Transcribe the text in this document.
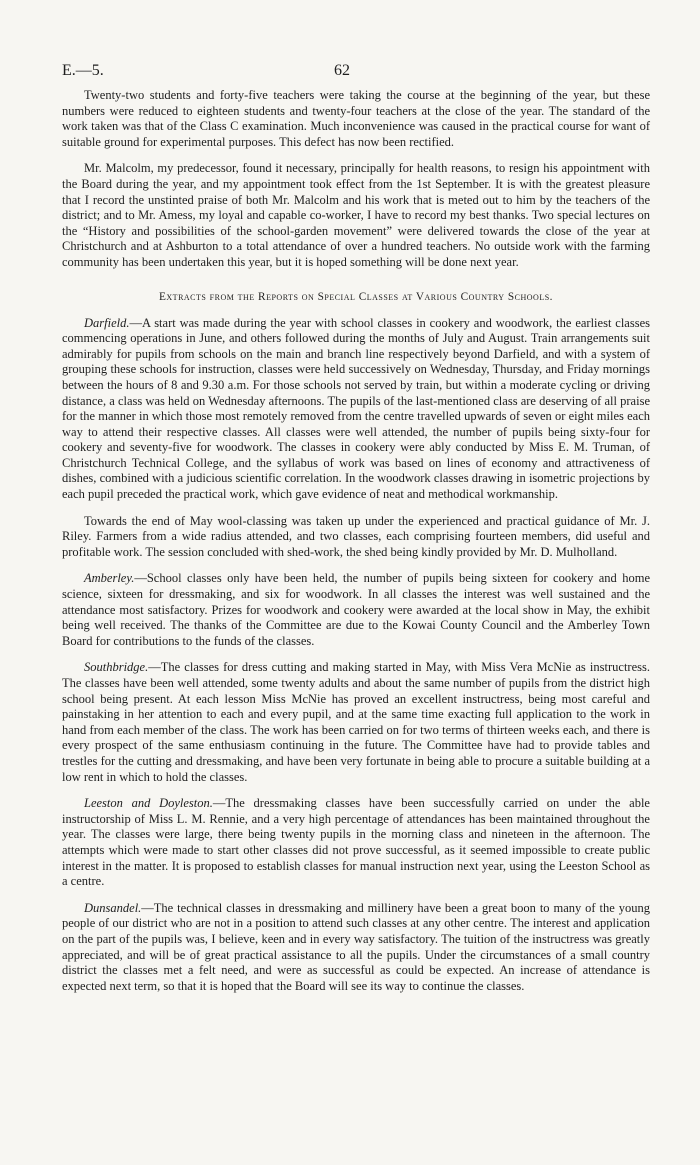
E.—5.	62

Twenty-two students and forty-five teachers were taking the course at the beginning of the year, but these numbers were reduced to eighteen students and twenty-four teachers at the close of the year. The standard of the work taken was that of the Class C examination. Much inconvenience was caused in the practical course for want of suitable ground for experimental purposes. This defect has now been rectified.

Mr. Malcolm, my predecessor, found it necessary, principally for health reasons, to resign his appointment with the Board during the year, and my appointment took effect from the 1st September. It is with the greatest pleasure that I record the unstinted praise of both Mr. Malcolm and his work that is meted out to him by the teachers of the district; and to Mr. Amess, my loyal and capable co-worker, I have to record my best thanks. Two special lectures on the “History and possibilities of the school-garden movement” were delivered towards the close of the year at Christchurch and at Ashburton to a total attendance of over a hundred teachers. No outside work with the farming community has been undertaken this year, but it is hoped something will be done next year.

Extracts from the Reports on Special Classes at Various Country Schools.

Darfield.—A start was made during the year with school classes in cookery and woodwork, the earliest classes commencing operations in June, and others followed during the months of July and August. Train arrangements suit admirably for pupils from schools on the main and branch line respectively beyond Darfield, and with a system of grouping these schools for instruction, classes were held successively on Wednesday, Thursday, and Friday mornings between the hours of 8 and 9.30 a.m. For those schools not served by train, but within a moderate cycling or driving distance, a class was held on Wednesday afternoons. The pupils of the last-mentioned class are deserving of all praise for the manner in which those most remotely removed from the centre travelled upwards of seven or eight miles each way to attend their respective classes. All classes were well attended, the number of pupils being sixty-four for cookery and seventy-five for woodwork. The classes in cookery were ably conducted by Miss E. M. Truman, of Christchurch Technical College, and the syllabus of work was based on lines of economy and attractiveness of dishes, combined with a judicious scientific correlation. In the woodwork classes drawing in isometric projections by each pupil preceded the practical work, which gave evidence of neat and methodical workmanship.

Towards the end of May wool-classing was taken up under the experienced and practical guidance of Mr. J. Riley. Farmers from a wide radius attended, and two classes, each comprising fourteen members, did useful and profitable work. The session concluded with shed-work, the shed being kindly provided by Mr. D. Mulholland.

Amberley.—School classes only have been held, the number of pupils being sixteen for cookery and home science, sixteen for dressmaking, and six for woodwork. In all classes the interest was well sustained and the attendance most satisfactory. Prizes for woodwork and cookery were awarded at the local show in May, the exhibit being well received. The thanks of the Committee are due to the Kowai County Council and the Amberley Town Board for contributions to the funds of the classes.

Southbridge.—The classes for dress cutting and making started in May, with Miss Vera McNie as instructress. The classes have been well attended, some twenty adults and about the same number of pupils from the district high school being present. At each lesson Miss McNie has proved an excellent instructress, being most careful and painstaking in her attention to each and every pupil, and at the same time exacting full application to the work in hand from each member of the class. The work has been carried on for two terms of thirteen weeks each, and there is every prospect of the same enthusiasm continuing in the future. The Committee have had to provide tables and trestles for the cutting and dressmaking, and have been very fortunate in being able to procure a suitable building at a low rent in which to hold the classes.

Leeston and Doyleston.—The dressmaking classes have been successfully carried on under the able instructorship of Miss L. M. Rennie, and a very high percentage of attendances has been maintained throughout the year. The classes were large, there being twenty pupils in the morning class and nineteen in the afternoon. The attempts which were made to start other classes did not prove successful, as it seemed impossible to create public interest in the matter. It is proposed to establish classes for manual instruction next year, using the Leeston School as a centre.

Dunsandel.—The technical classes in dressmaking and millinery have been a great boon to many of the young people of our district who are not in a position to attend such classes at any other centre. The interest and application on the part of the pupils was, I believe, keen and in every way satisfactory. The tuition of the instructress was greatly appreciated, and will be of great practical assistance to all the pupils. Under the circumstances of a small country district the classes met a felt need, and were as successful as could be expected. An increase of attendance is expected next term, so that it is hoped that the Board will see its way to continue the classes.
